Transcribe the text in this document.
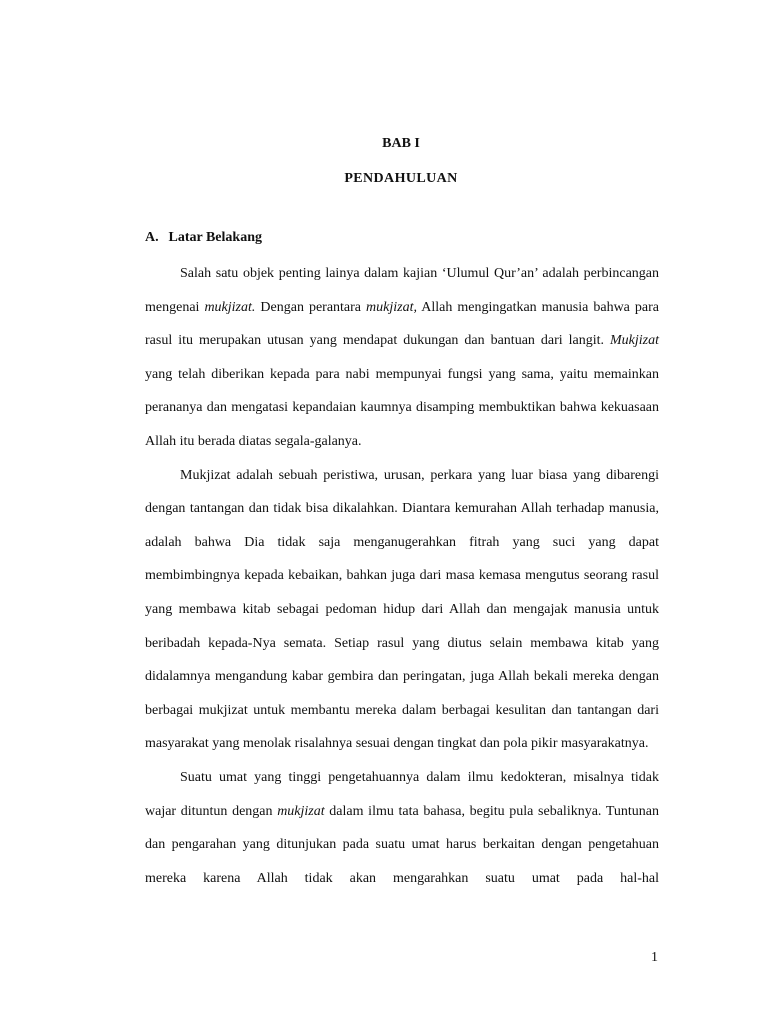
BAB I
PENDAHULUAN
A. Latar Belakang

Salah satu objek penting lainya dalam kajian ‘Ulumul Qur’an’ adalah perbincangan mengenai mukjizat. Dengan perantara mukjizat, Allah mengingatkan manusia bahwa para rasul itu merupakan utusan yang mendapat dukungan dan bantuan dari langit. Mukjizat yang telah diberikan kepada para nabi mempunyai fungsi yang sama, yaitu memainkan perananya dan mengatasi kepandaian kaumnya disamping membuktikan bahwa kekuasaan Allah itu berada diatas segala-galanya.

Mukjizat adalah sebuah peristiwa, urusan, perkara yang luar biasa yang dibarengi dengan tantangan dan tidak bisa dikalahkan. Diantara kemurahan Allah terhadap manusia, adalah bahwa Dia tidak saja menganugerahkan fitrah yang suci yang dapat membimbingnya kepada kebaikan, bahkan juga dari masa kemasa mengutus seorang rasul yang membawa kitab sebagai pedoman hidup dari Allah dan mengajak manusia untuk beribadah kepada-Nya semata. Setiap rasul yang diutus selain membawa kitab yang didalamnya mengandung kabar gembira dan peringatan, juga Allah bekali mereka dengan berbagai mukjizat untuk membantu mereka dalam berbagai kesulitan dan tantangan dari masyarakat yang menolak risalahnya sesuai dengan tingkat dan pola pikir masyarakatnya.

Suatu umat yang tinggi pengetahuannya dalam ilmu kedokteran, misalnya tidak wajar dituntun dengan mukjizat dalam ilmu tata bahasa, begitu pula sebaliknya. Tuntunan dan pengarahan yang ditunjukan pada suatu umat harus berkaitan dengan pengetahuan mereka karena Allah tidak akan mengarahkan suatu umat pada hal-hal

1
